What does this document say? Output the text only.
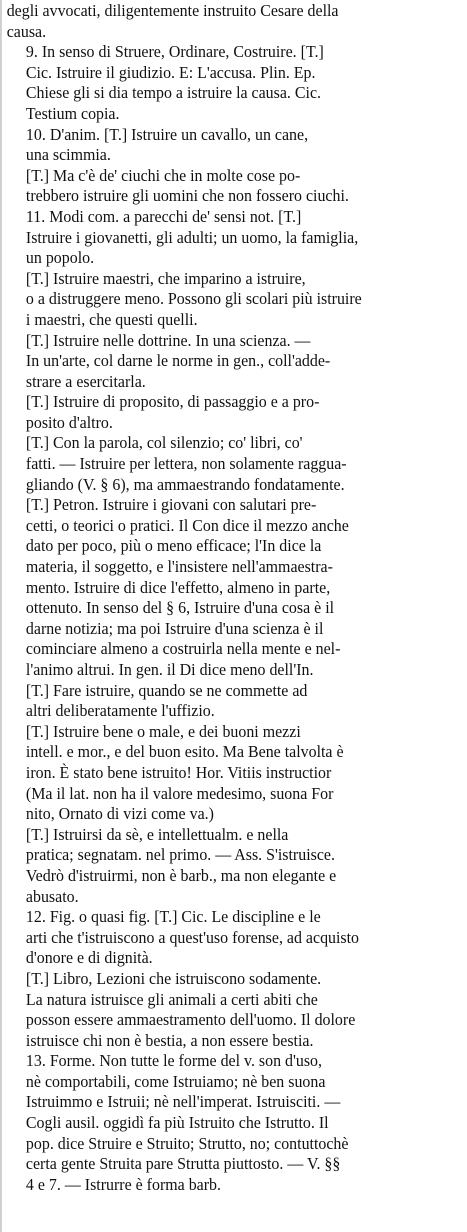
degli avvocati, diligentemente instruito Cesare della
causa.
9. In senso di Struere, Ordinare, Costruire. [T.]
Cic. Istruire il giudizio. E: L'accusa. Plin. Ep.
Chiese gli si dia tempo a istruire la causa. Cic.
Testium copia.
10. D'anim. [T.] Istruire un cavallo, un cane,
una scimmia.
[T.] Ma c'è de' ciuchi che in molte cose po-
trebbero istruire gli uomini che non fossero ciuchi.
11. Modi com. a parecchi de' sensi not. [T.]
Istruire i giovanetti, gli adulti; un uomo, la famiglia,
un popolo.
[T.] Istruire maestri, che imparino a istruire,
o a distruggere meno. Possono gli scolari più istruire
i maestri, che questi quelli.
[T.] Istruire nelle dottrine. In una scienza. —
In un'arte, col darne le norme in gen., coll'adde-
strare a esercitarla.
[T.] Istruire di proposito, di passaggio e a pro-
posito d'altro.
[T.] Con la parola, col silenzio; co' libri, co'
fatti. — Istruire per lettera, non solamente raggua-
gliando (V. § 6), ma ammaestrando fondatamente.
[T.] Petron. Istruire i giovani con salutari pre-
cetti, o teorici o pratici. Il Con dice il mezzo anche
dato per poco, più o meno efficace; l'In dice la
materia, il soggetto, e l'insistere nell'ammaestra-
mento. Istruire di dice l'effetto, almeno in parte,
ottenuto. In senso del § 6, Istruire d'una cosa è il
darne notizia; ma poi Istruire d'una scienza è il
cominciare almeno a costruirla nella mente e nel-
l'animo altrui. In gen. il Di dice meno dell'In.
[T.] Fare istruire, quando se ne commette ad
altri deliberatamente l'uffizio.
[T.] Istruire bene o male, e dei buoni mezzi
intell. e mor., e del buon esito. Ma Bene talvolta è
iron. È stato bene istruito! Hor. Vitiis instructior
(Ma il lat. non ha il valore medesimo, suona For
nito, Ornato di vizi come va.)
[T.] Istruirsi da sè, e intellettualm. e nella
pratica; segnatam. nel primo. — Ass. S'istruisce.
Vedrò d'istruirmi, non è barb., ma non elegante e
abusato.
12. Fig. o quasi fig. [T.] Cic. Le discipline e le
arti che t'istruiscono a quest'uso forense, ad acquisto
d'onore e di dignità.
[T.] Libro, Lezioni che istruiscono sodamente.
La natura istruisce gli animali a certi abiti che
posson essere ammaestramento dell'uomo. Il dolore
istruisce chi non è bestia, a non essere bestia.
13. Forme. Non tutte le forme del v. son d'uso,
nè comportabili, come Istruiamo; nè ben suona
Istruimmo e Istruii; nè nell'imperat. Istruisciti. —
Cogli ausil. oggidì fa più Istruito che Istrutto. Il
pop. dice Struire e Struito; Strutto, no; contuttochè
certa gente Struita pare Strutta piuttosto. — V. §§
4 e 7. — Istrurre è forma barb.
